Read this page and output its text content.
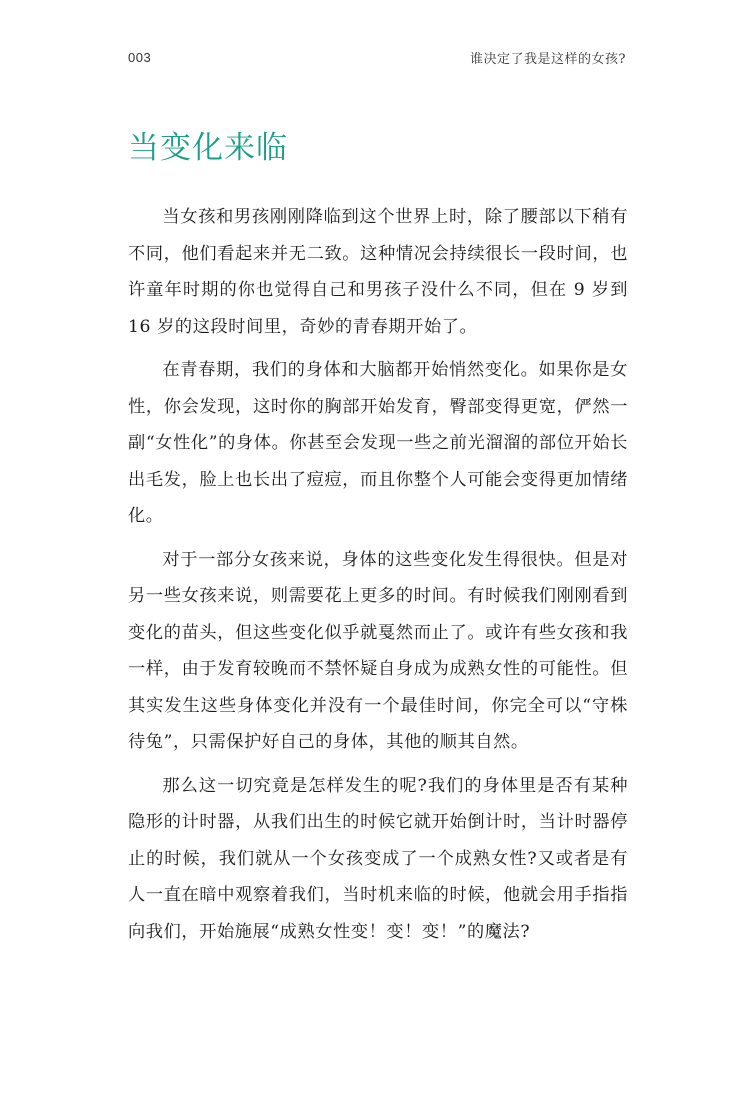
003	谁决定了我是这样的女孩?
当变化来临

当女孩和男孩刚刚降临到这个世界上时，除了腰部以下稍有不同，他们看起来并无二致。这种情况会持续很长一段时间，也许童年时期的你也觉得自己和男孩子没什么不同，但在 9 岁到 16 岁的这段时间里，奇妙的青春期开始了。

在青春期，我们的身体和大脑都开始悄然变化。如果你是女性，你会发现，这时你的胸部开始发育，臀部变得更宽，俨然一副“女性化”的身体。你甚至会发现一些之前光溜溜的部位开始长出毛发，脸上也长出了痘痘，而且你整个人可能会变得更加情绪化。

对于一部分女孩来说，身体的这些变化发生得很快。但是对另一些女孩来说，则需要花上更多的时间。有时候我们刚刚看到变化的苗头，但这些变化似乎就戛然而止了。或许有些女孩和我一样，由于发育较晚而不禁怀疑自身成为成熟女性的可能性。但其实发生这些身体变化并没有一个最佳时间，你完全可以“守株待兔”，只需保护好自己的身体，其他的顺其自然。

那么这一切究竟是怎样发生的呢?我们的身体里是否有某种隐形的计时器，从我们出生的时候它就开始倒计时，当计时器停止的时候，我们就从一个女孩变成了一个成熟女性?又或者是有人一直在暗中观察着我们，当时机来临的时候，他就会用手指指向我们，开始施展“成熟女性变！变！变！”的魔法?
